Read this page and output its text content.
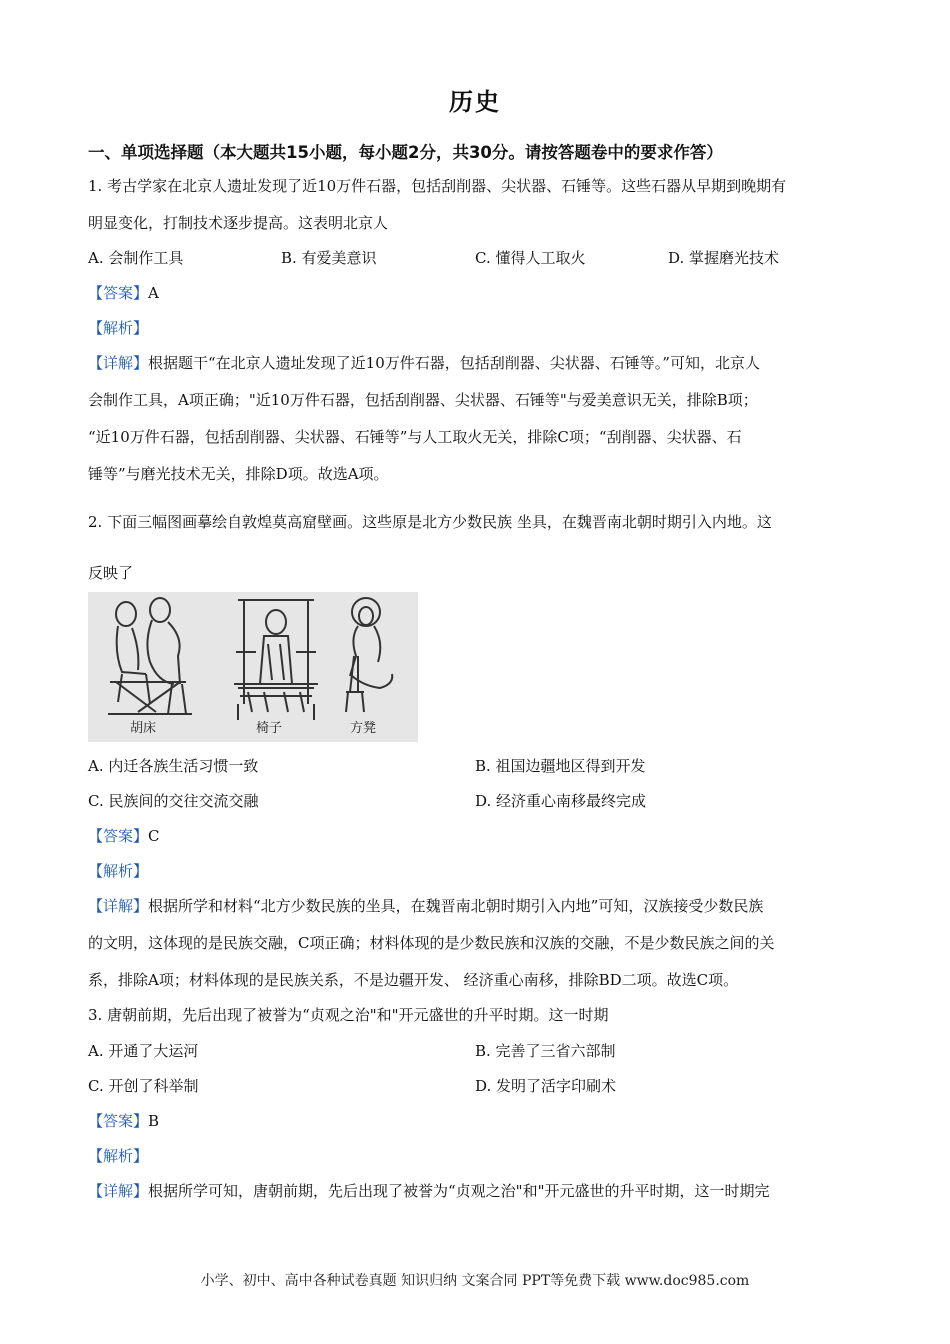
历史
一、单项选择题（本大题共15小题，每小题2分，共30分。请按答题卷中的要求作答）
1. 考古学家在北京人遗址发现了近10万件石器，包括刮削器、尖状器、石锤等。这些石器从早期到晚期有
明显变化，打制技术逐步提高。这表明北京人
A. 会制作工具	B. 有爱美意识	C. 懂得人工取火	D. 掌握磨光技术
【答案】A
【解析】
【详解】根据题干“在北京人遗址发现了近10万件石器，包括刮削器、尖状器、石锤等。”可知，北京人
会制作工具，A项正确；"近10万件石器，包括刮削器、尖状器、石锤等"与爱美意识无关，排除B项；
“近10万件石器，包括刮削器、尖状器、石锤等”与人工取火无关，排除C项；“刮削器、尖状器、石
锤等”与磨光技术无关，排除D项。故选A项。
2. 下面三幅图画摹绘自敦煌莫高窟壁画。这些原是北方少数民族 坐具，在魏晋南北朝时期引入内地。这
反映了
胡床	椅子	方凳
A. 内迁各族生活习惯一致	B. 祖国边疆地区得到开发
C. 民族间的交往交流交融	D. 经济重心南移最终完成
【答案】C
【解析】
【详解】根据所学和材料“北方少数民族的坐具，在魏晋南北朝时期引入内地”可知，汉族接受少数民族
的文明，这体现的是民族交融，C项正确；材料体现的是少数民族和汉族的交融，不是少数民族之间的关
系，排除A项；材料体现的是民族关系，不是边疆开发、 经济重心南移，排除BD二项。故选C项。
3. 唐朝前期，先后出现了被誉为“贞观之治"和"开元盛世的升平时期。这一时期
A. 开通了大运河	B. 完善了三省六部制
C. 开创了科举制	D. 发明了活字印刷术
【答案】B
【解析】
【详解】根据所学可知，唐朝前期，先后出现了被誉为“贞观之治"和"开元盛世的升平时期，这一时期完
小学、初中、高中各种试卷真题 知识归纳 文案合同 PPT等免费下载 www.doc985.com
